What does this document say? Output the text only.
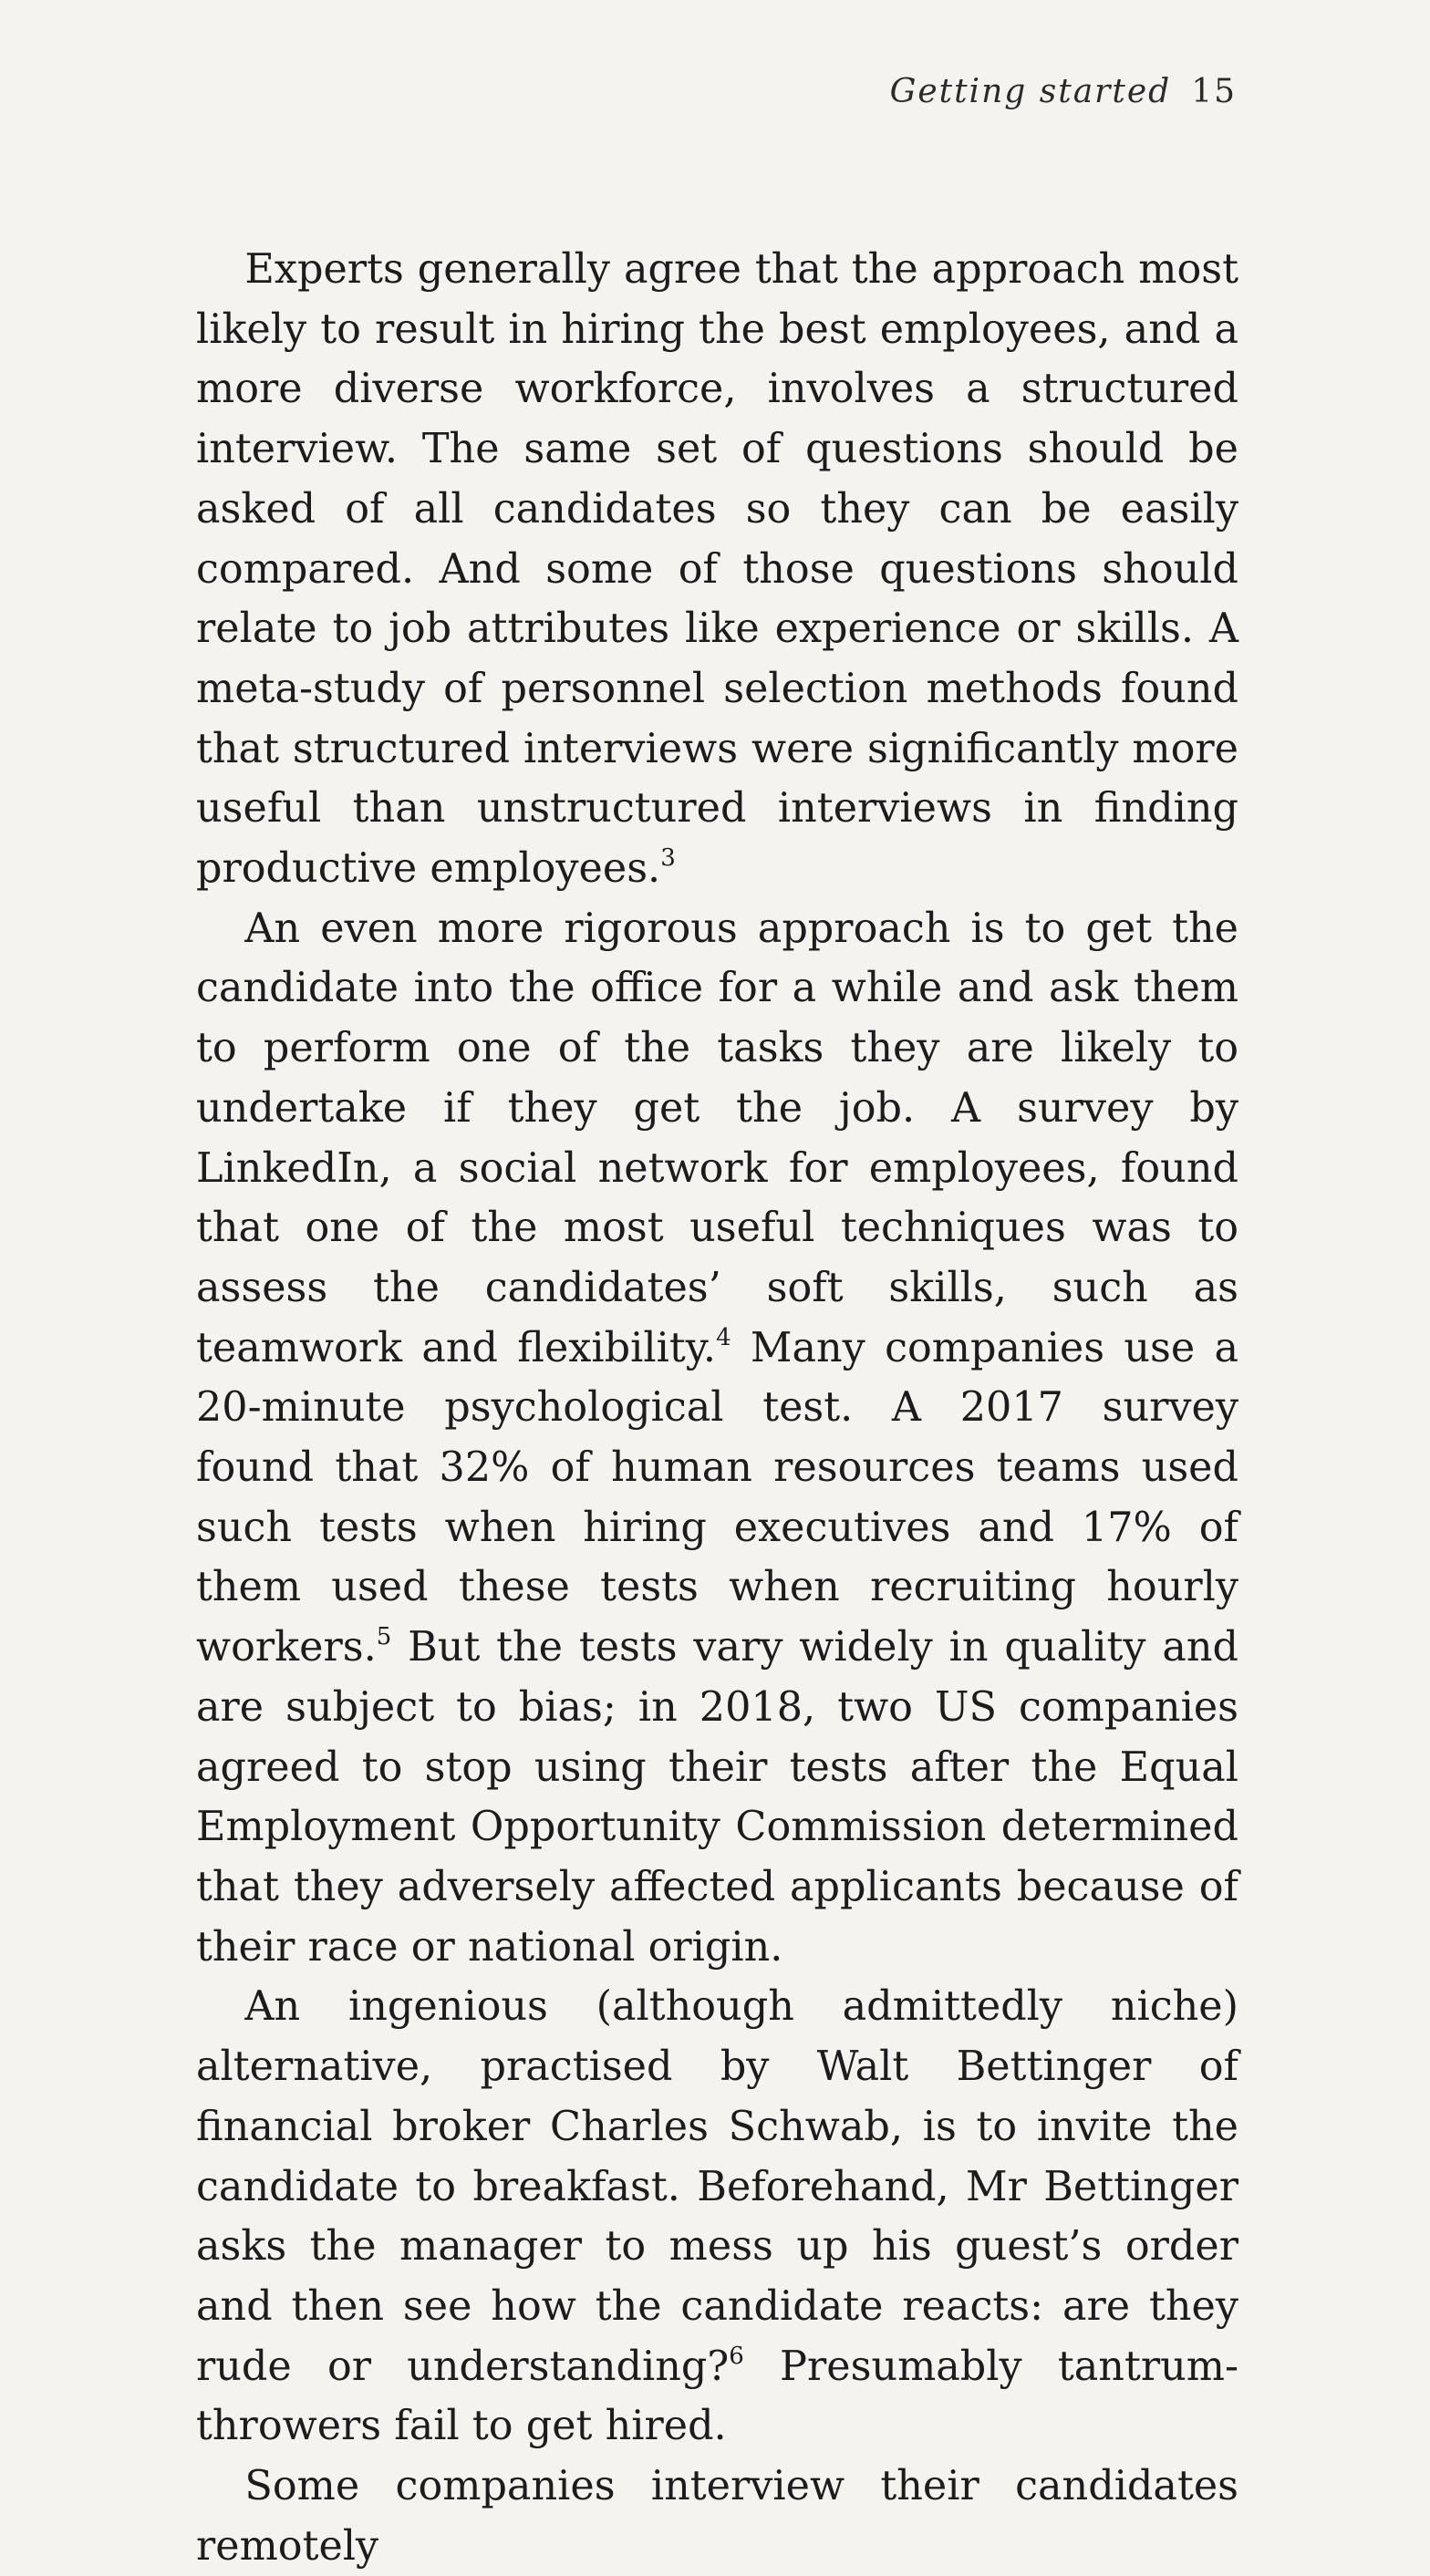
Getting started 15

Experts generally agree that the approach most likely to result in hiring the best employees, and a more diverse workforce, involves a structured interview. The same set of questions should be asked of all candidates so they can be easily compared. And some of those questions should relate to job attributes like experience or skills. A meta-study of personnel selection methods found that structured interviews were significantly more useful than unstructured interviews in finding productive employees.$^3$

An even more rigorous approach is to get the candidate into the office for a while and ask them to perform one of the tasks they are likely to undertake if they get the job. A survey by LinkedIn, a social network for employees, found that one of the most useful techniques was to assess the candidates’ soft skills, such as teamwork and flexibility.$^4$ Many companies use a 20-minute psychological test. A 2017 survey found that 32% of human resources teams used such tests when hiring executives and 17% of them used these tests when recruiting hourly workers.$^5$ But the tests vary widely in quality and are subject to bias; in 2018, two US companies agreed to stop using their tests after the Equal Employment Opportunity Commission determined that they adversely affected applicants because of their race or national origin.

An ingenious (although admittedly niche) alternative, practised by Walt Bettinger of financial broker Charles Schwab, is to invite the candidate to breakfast. Beforehand, Mr Bettinger asks the manager to mess up his guest’s order and then see how the candidate reacts: are they rude or understanding?$^6$ Presumably tantrum-throwers fail to get hired.

Some companies interview their candidates remotely
